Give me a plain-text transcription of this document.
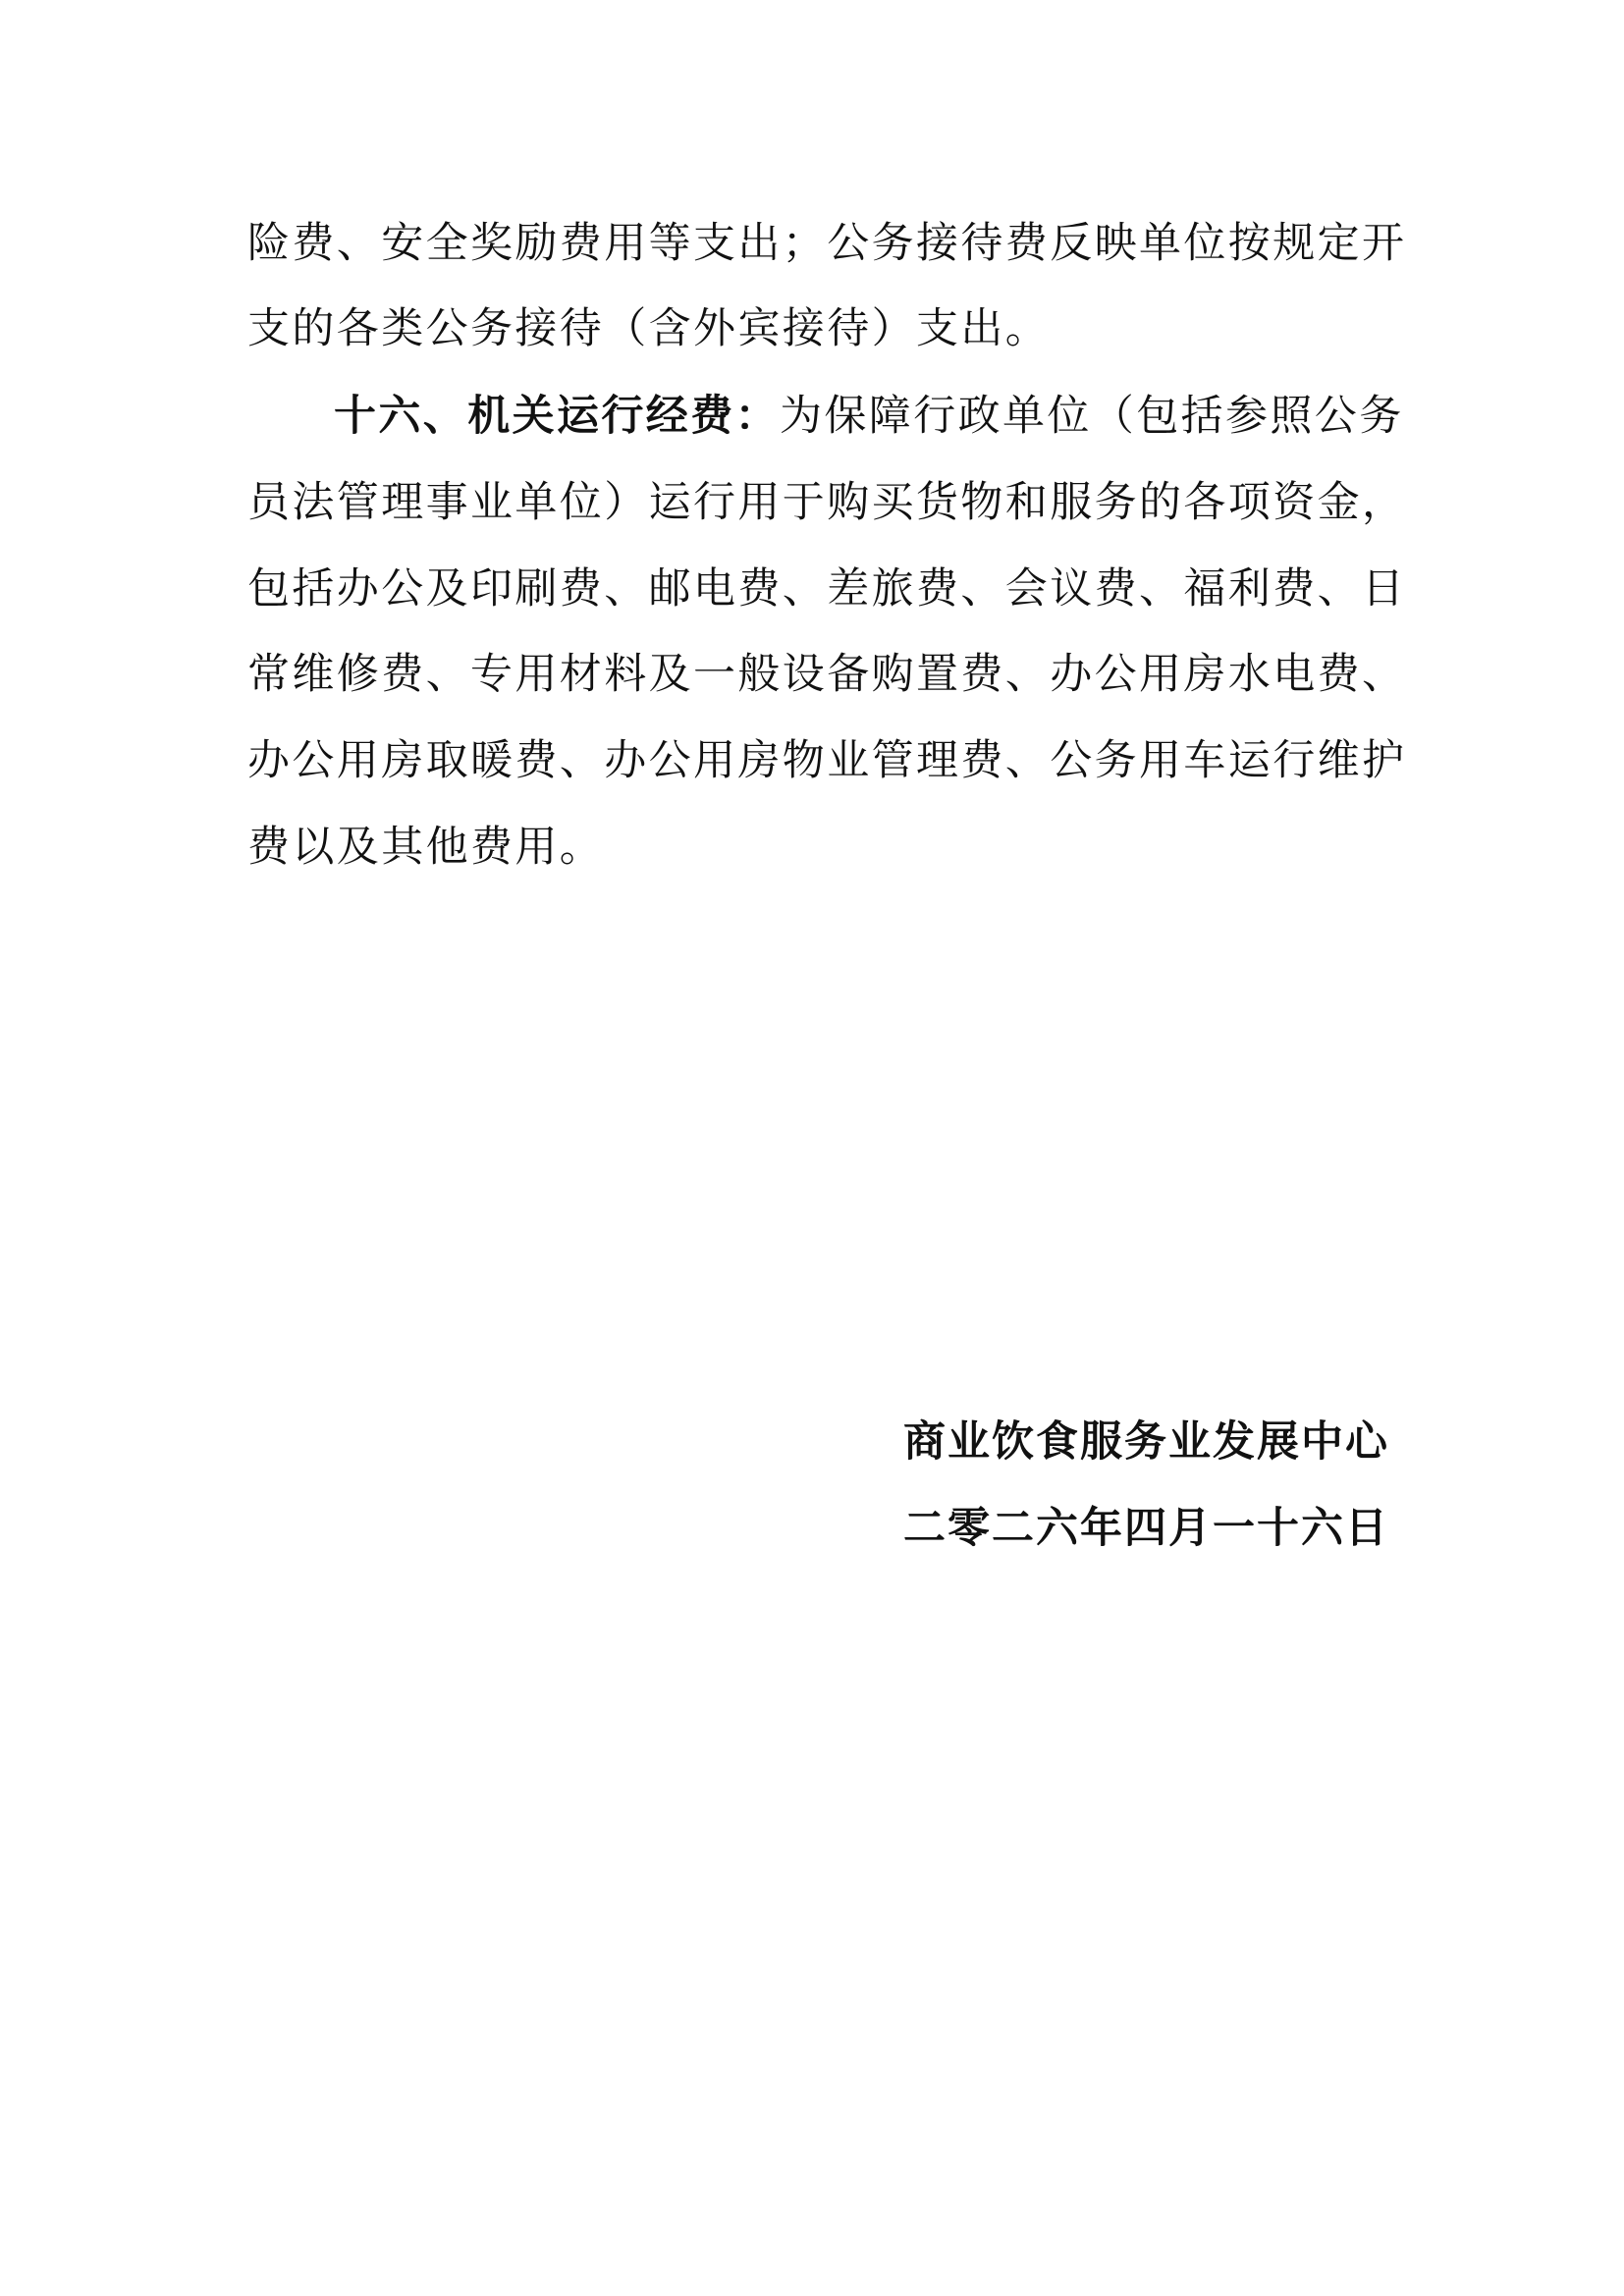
险费、安全奖励费用等支出；公务接待费反映单位按规定开
支的各类公务接待（含外宾接待）支出。
十六、机关运行经费：为保障行政单位（包括参照公务
员法管理事业单位）运行用于购买货物和服务的各项资金，
包括办公及印刷费、邮电费、差旅费、会议费、福利费、日
常维修费、专用材料及一般设备购置费、办公用房水电费、
办公用房取暖费、办公用房物业管理费、公务用车运行维护
费以及其他费用。
商业饮食服务业发展中心
二零二六年四月一十六日
